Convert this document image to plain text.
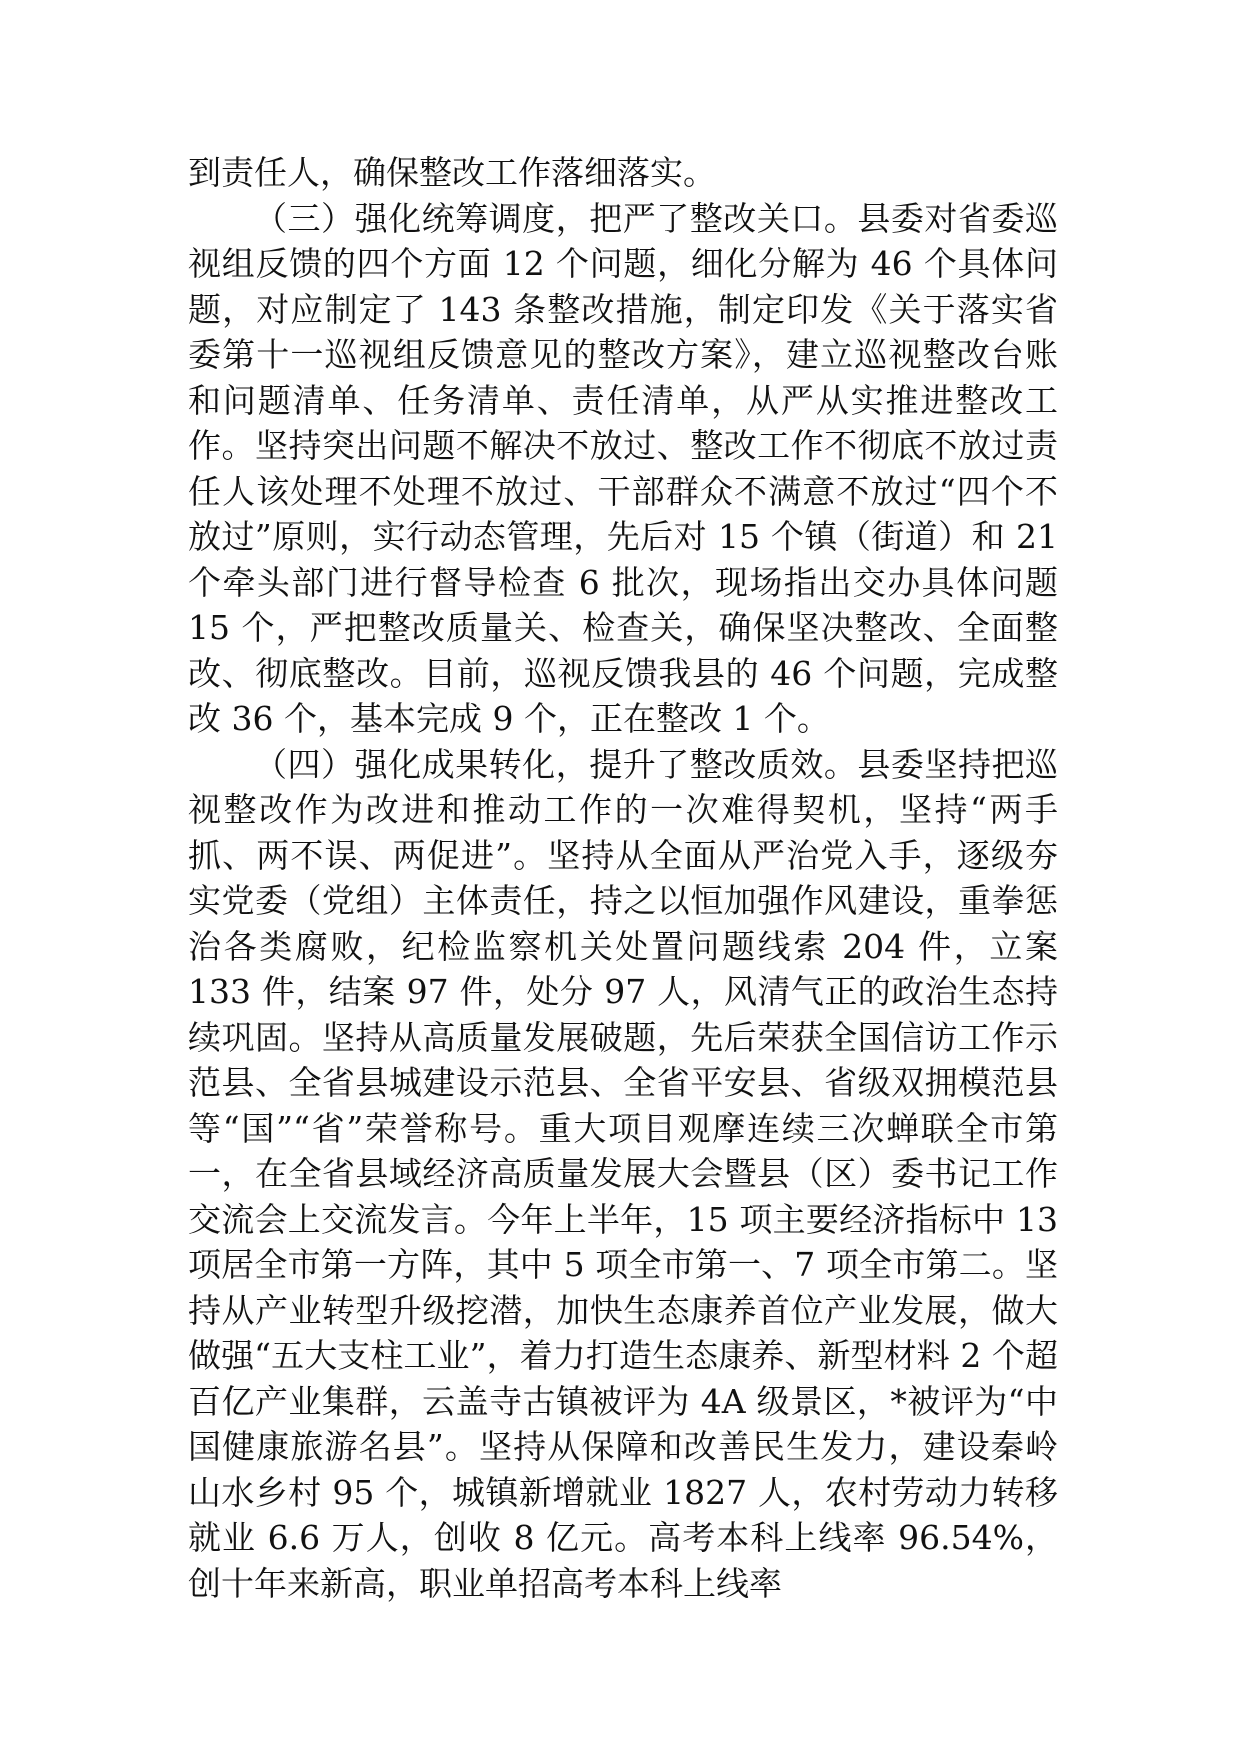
到责任人，确保整改工作落细落实。

（三）强化统筹调度，把严了整改关口。县委对省委巡视组反馈的四个方面 12 个问题，细化分解为 46 个具体问题，对应制定了 143 条整改措施，制定印发《关于落实省委第十一巡视组反馈意见的整改方案》，建立巡视整改台账和问题清单、任务清单、责任清单，从严从实推进整改工作。坚持突出问题不解决不放过、整改工作不彻底不放过责任人该处理不处理不放过、干部群众不满意不放过“四个不放过”原则，实行动态管理，先后对 15 个镇（街道）和 21 个牵头部门进行督导检查 6 批次，现场指出交办具体问题 15 个，严把整改质量关、检查关，确保坚决整改、全面整改、彻底整改。目前，巡视反馈我县的 46 个问题，完成整改 36 个，基本完成 9 个，正在整改 1 个。

（四）强化成果转化，提升了整改质效。县委坚持把巡视整改作为改进和推动工作的一次难得契机，坚持“两手抓、两不误、两促进”。坚持从全面从严治党入手，逐级夯实党委（党组）主体责任，持之以恒加强作风建设，重拳惩治各类腐败，纪检监察机关处置问题线索 204 件，立案 133 件，结案 97 件，处分 97 人，风清气正的政治生态持续巩固。坚持从高质量发展破题，先后荣获全国信访工作示范县、全省县城建设示范县、全省平安县、省级双拥模范县等“国”“省”荣誉称号。重大项目观摩连续三次蝉联全市第一，在全省县域经济高质量发展大会暨县（区）委书记工作交流会上交流发言。今年上半年，15 项主要经济指标中 13 项居全市第一方阵，其中 5 项全市第一、7 项全市第二。坚持从产业转型升级挖潜，加快生态康养首位产业发展，做大做强“五大支柱工业”，着力打造生态康养、新型材料 2 个超百亿产业集群，云盖寺古镇被评为 4A 级景区，*被评为“中国健康旅游名县”。坚持从保障和改善民生发力，建设秦岭山水乡村 95 个，城镇新增就业 1827 人，农村劳动力转移就业 6.6 万人，创收 8 亿元。高考本科上线率 96.54%，创十年来新高，职业单招高考本科上线率
